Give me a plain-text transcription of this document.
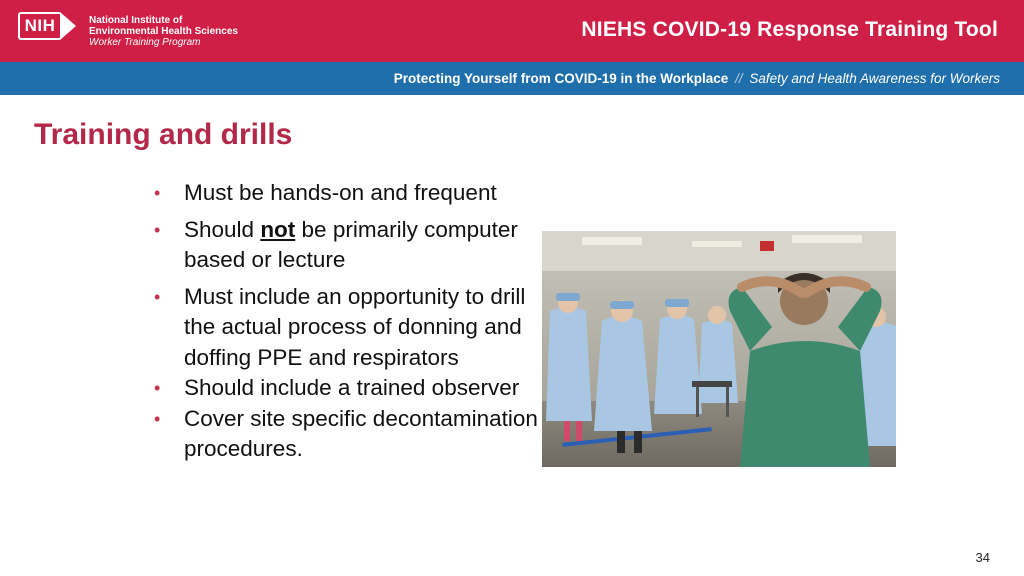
NIH	National Institute of
Environmental Health Sciences
Worker Training Program
NIEHS COVID-19 Response Training Tool
Protecting Yourself from COVID-19 in the Workplace // Safety and Health Awareness for Workers
Training and drills
• Must be hands-on and frequent
• Should not be primarily computer based or lecture
• Must include an opportunity to drill the actual process of donning and doffing PPE and respirators
• Should include a trained observer
• Cover site specific decontamination procedures.
34
